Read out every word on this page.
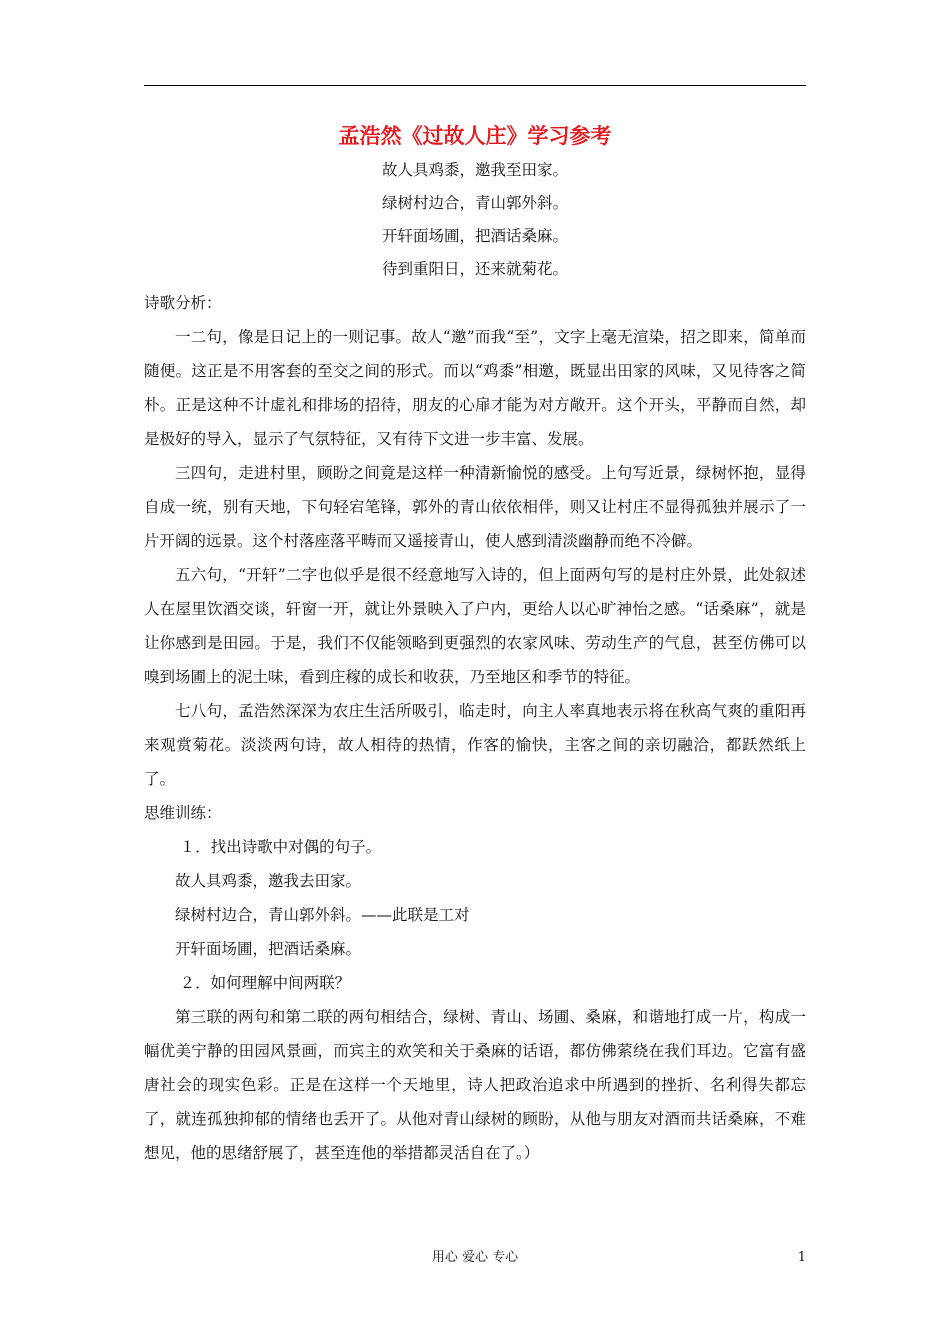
孟浩然《过故人庄》学习参考
故人具鸡黍，邀我至田家。
绿树村边合，青山郭外斜。
开轩面场圃，把酒话桑麻。
待到重阳日，还来就菊花。

诗歌分析：

一二句，像是日记上的一则记事。故人“邀”而我“至”，文字上毫无渲染，招之即来，简单而随便。这正是不用客套的至交之间的形式。而以“鸡黍”相邀，既显出田家的风味，又见待客之简朴。正是这种不计虚礼和排场的招待，朋友的心扉才能为对方敞开。这个开头，平静而自然，却是极好的导入，显示了气氛特征，又有待下文进一步丰富、发展。

三四句，走进村里，顾盼之间竟是这样一种清新愉悦的感受。上句写近景，绿树怀抱，显得自成一统，别有天地，下句轻宕笔锋，郭外的青山依依相伴，则又让村庄不显得孤独并展示了一片开阔的远景。这个村落座落平畴而又遥接青山，使人感到清淡幽静而绝不冷僻。

五六句，“开轩”二字也似乎是很不经意地写入诗的，但上面两句写的是村庄外景，此处叙述人在屋里饮酒交谈，轩窗一开，就让外景映入了户内，更给人以心旷神怡之感。“话桑麻”，就是让你感到是田园。于是，我们不仅能领略到更强烈的农家风味、劳动生产的气息，甚至仿佛可以嗅到场圃上的泥土味，看到庄稼的成长和收获，乃至地区和季节的特征。

七八句，孟浩然深深为农庄生活所吸引，临走时，向主人率真地表示将在秋高气爽的重阳再来观赏菊花。淡淡两句诗，故人相待的热情，作客的愉快，主客之间的亲切融洽，都跃然纸上了。

思维训练：

１．找出诗歌中对偶的句子。

故人具鸡黍，邀我去田家。

绿树村边合，青山郭外斜。——此联是工对

开轩面场圃，把酒话桑麻。

２．如何理解中间两联？

第三联的两句和第二联的两句相结合，绿树、青山、场圃、桑麻，和谐地打成一片，构成一幅优美宁静的田园风景画，而宾主的欢笑和关于桑麻的话语，都仿佛萦绕在我们耳边。它富有盛唐社会的现实色彩。正是在这样一个天地里，诗人把政治追求中所遇到的挫折、名利得失都忘了，就连孤独抑郁的情绪也丢开了。从他对青山绿树的顾盼，从他与朋友对酒而共话桑麻，不难想见，他的思绪舒展了，甚至连他的举措都灵活自在了。）

用心 爱心 专心	1
